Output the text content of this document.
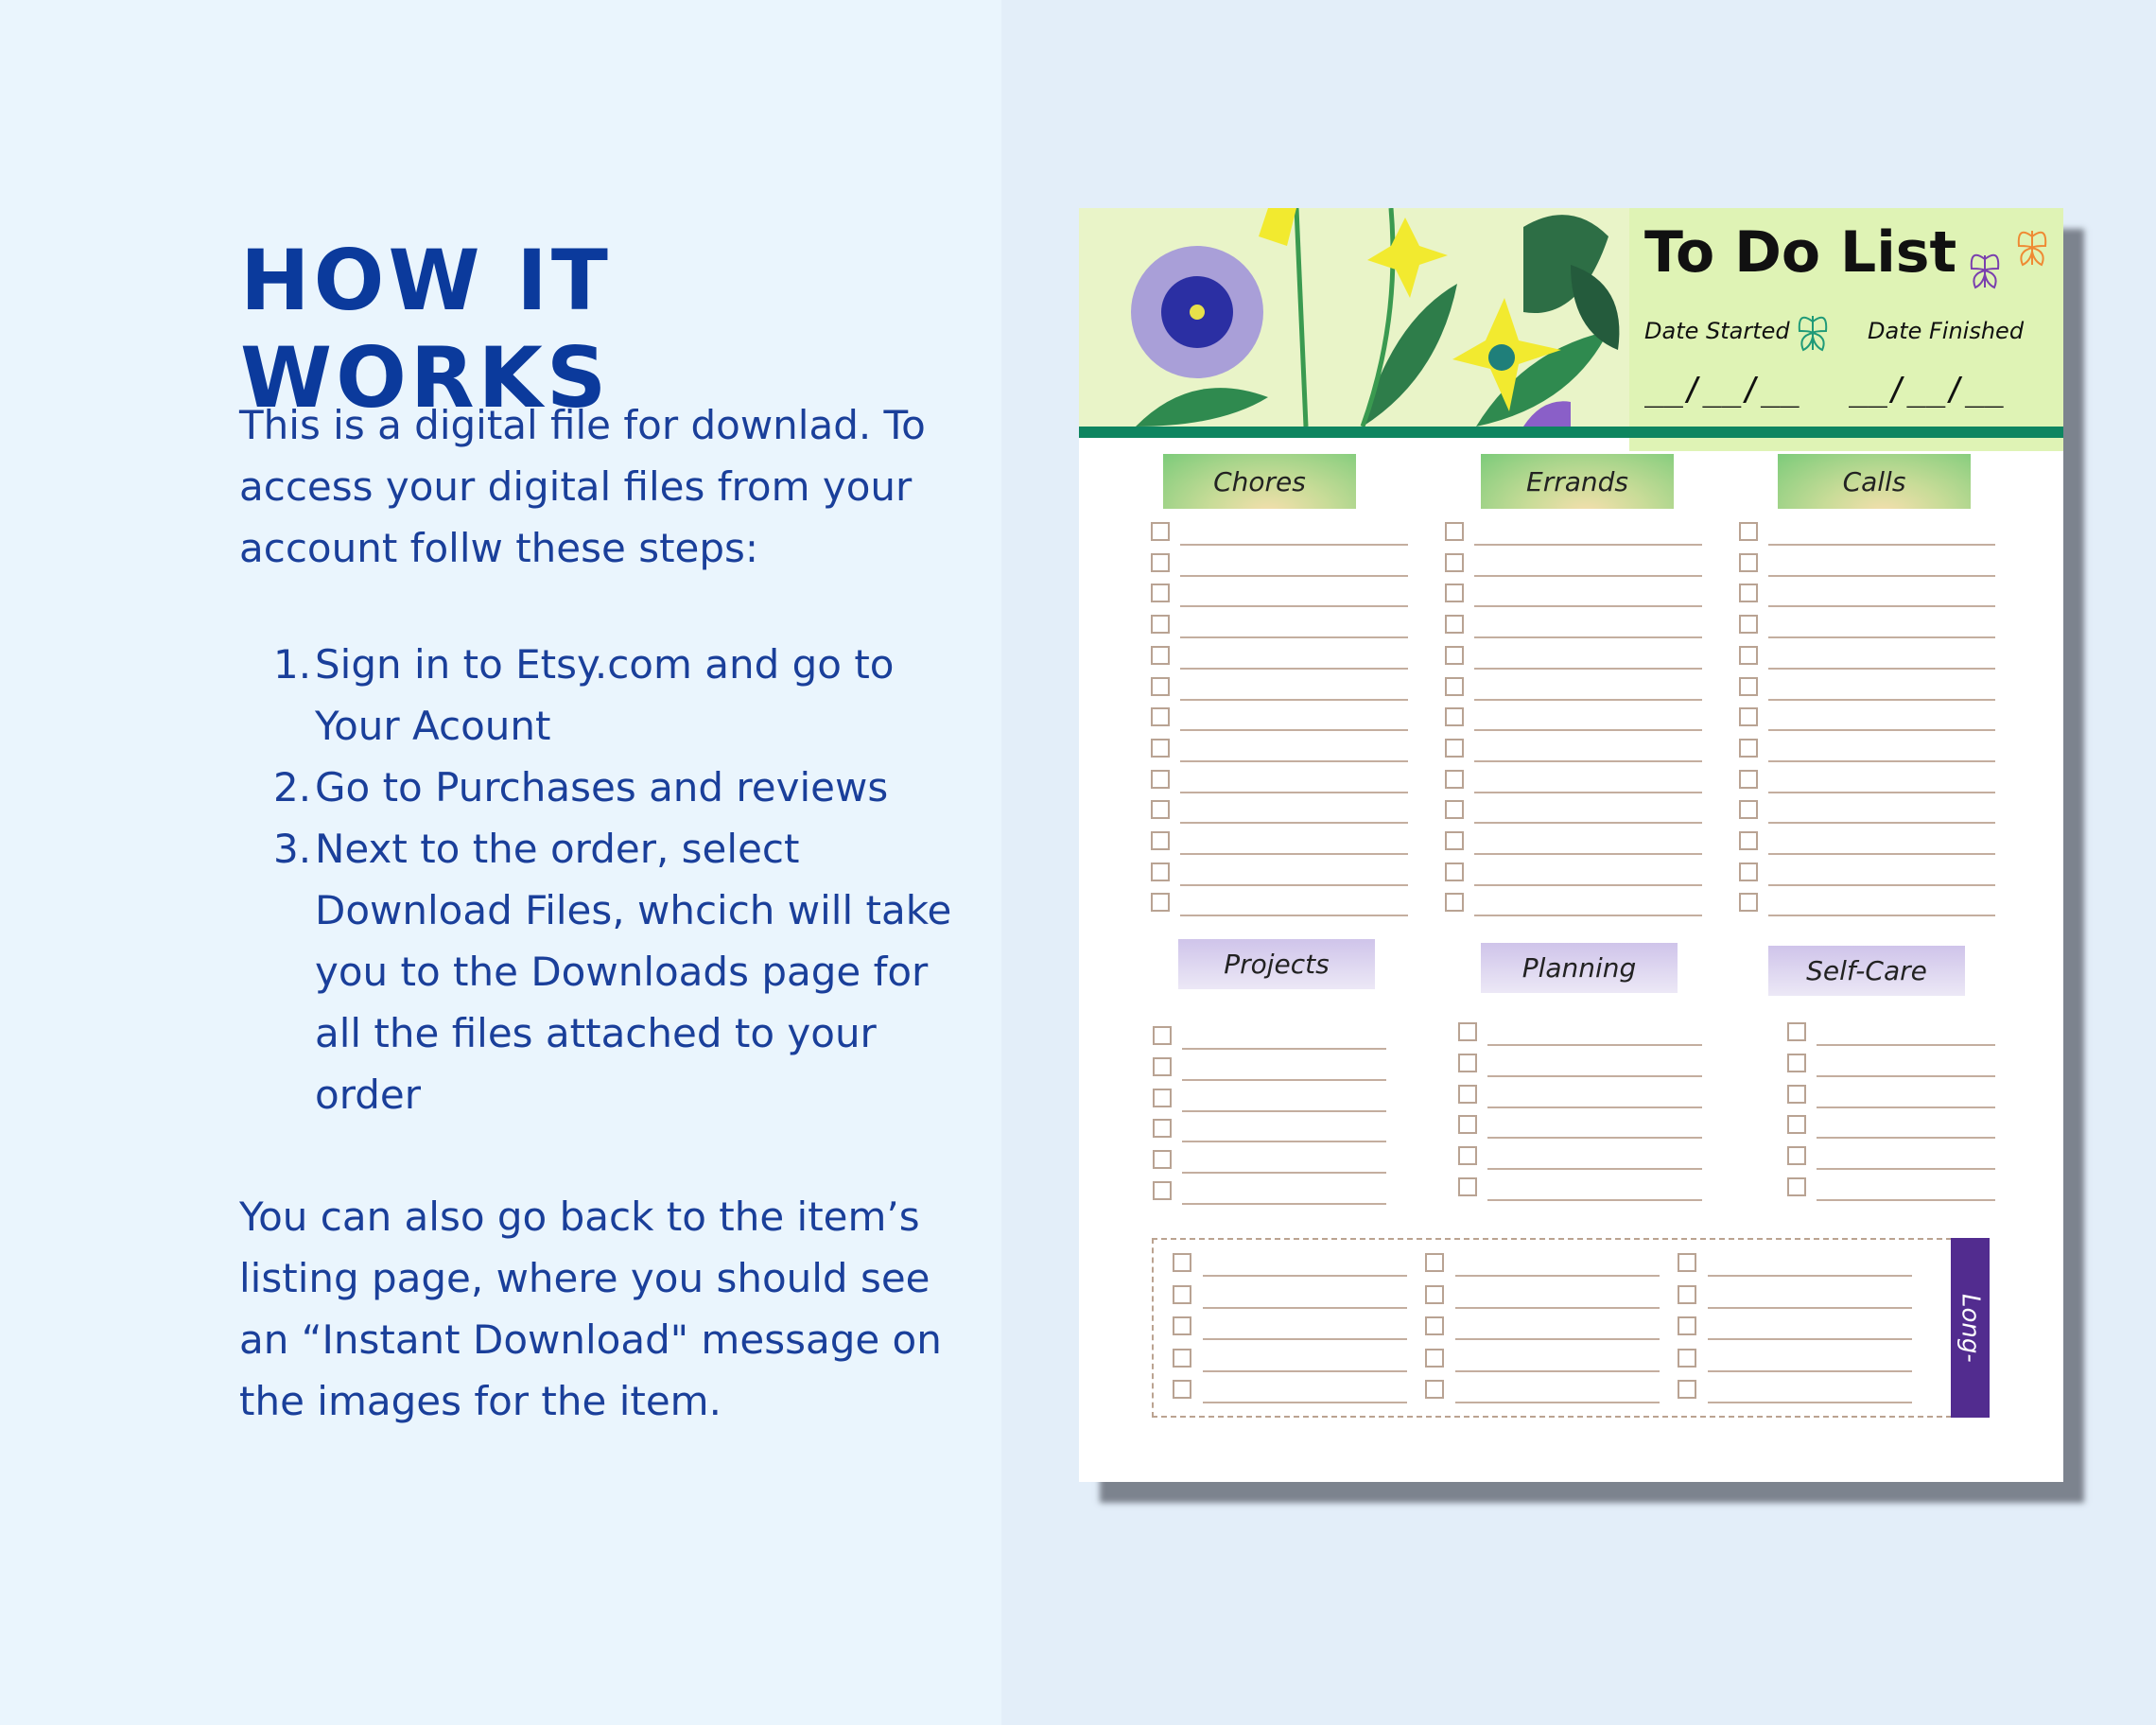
HOW IT WORKS

This is a digital file for downlad. To access your digital files from your account follw these steps:

1. Sign in to Etsy.com and go to Your Acount
2. Go to Purchases and reviews
3. Next to the order, select Download Files, whcich will take you to the Downloads page for all the files attached to your order

You can also go back to the item’s listing page, where you should see an “Instant Download" message on the images for the item.

To Do List
Date Started	Date Finished
__/__/__ __/__/__
Long-
Chores	Errands	Calls
Projects	Planning	Self-Care
